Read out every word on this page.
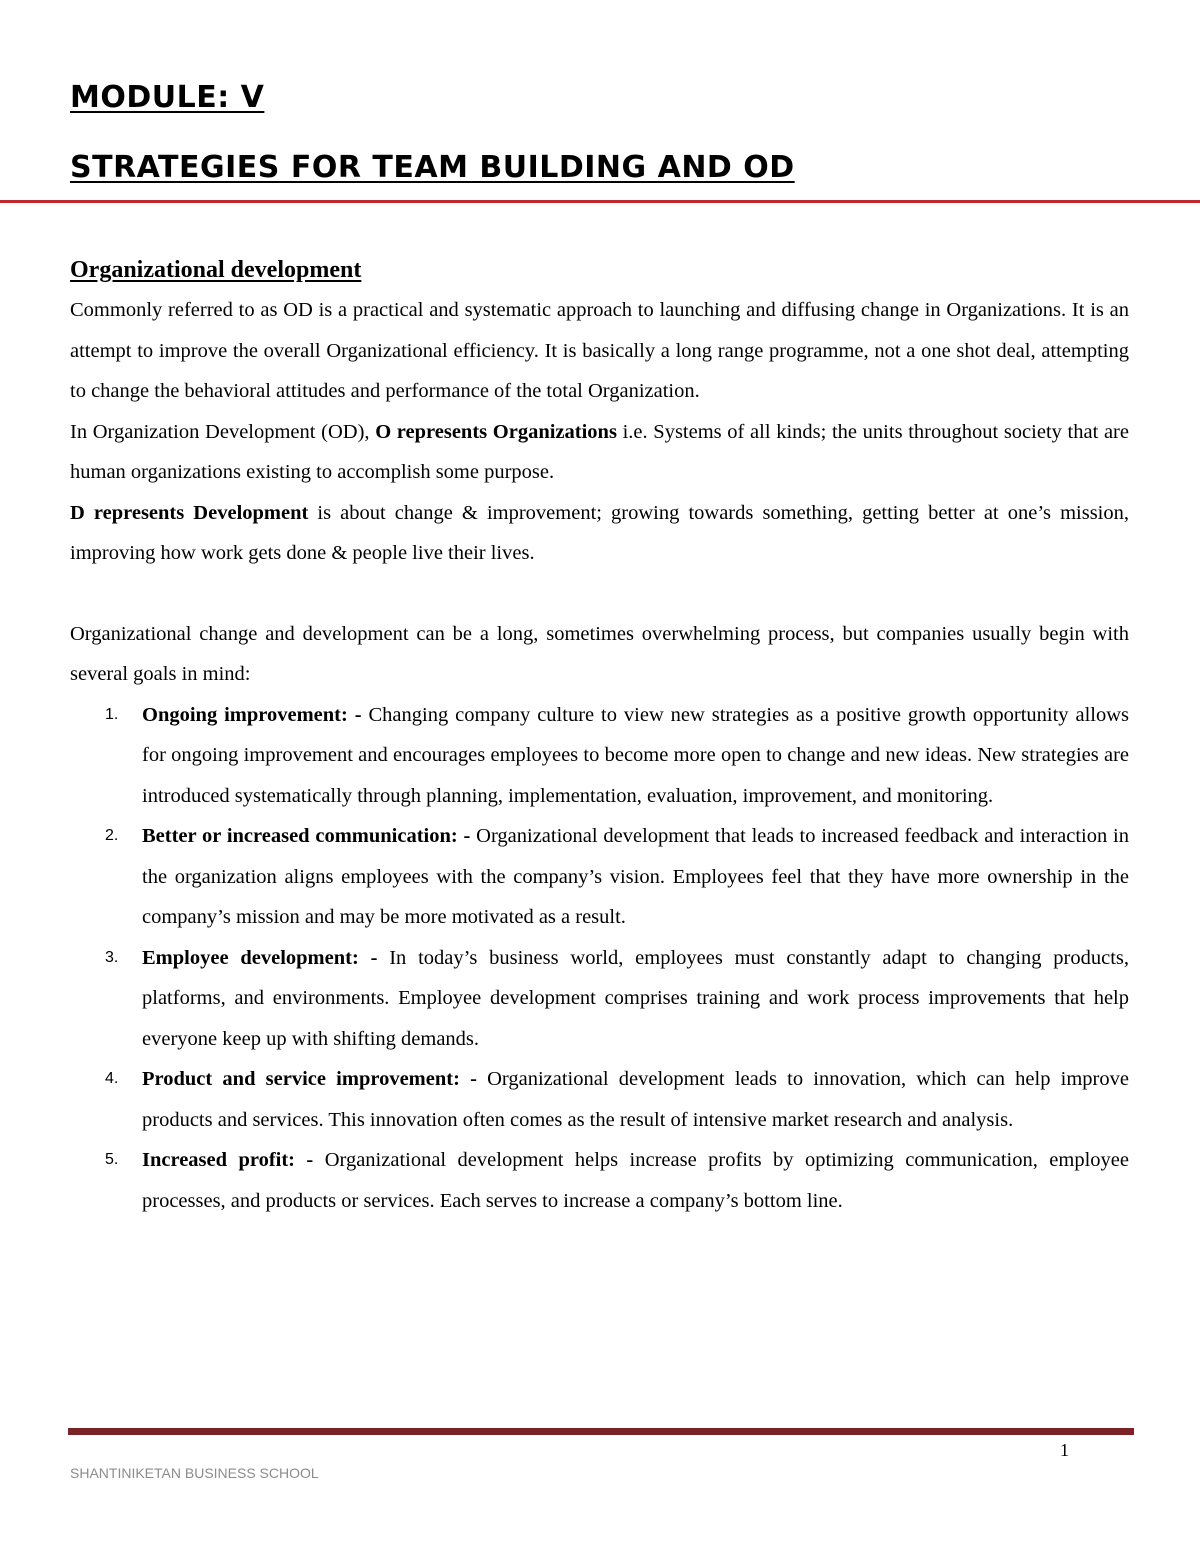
MODULE: V
STRATEGIES FOR TEAM BUILDING AND OD
Organizational development

Commonly referred to as OD is a practical and systematic approach to launching and diffusing change in Organizations. It is an attempt to improve the overall Organizational efficiency. It is basically a long range programme, not a one shot deal, attempting to change the behavioral attitudes and performance of the total Organization.

In Organization Development (OD), O represents Organizations i.e. Systems of all kinds; the units throughout society that are human organizations existing to accomplish some purpose.

D represents Development is about change & improvement; growing towards something, getting better at one’s mission, improving how work gets done & people live their lives.

Organizational change and development can be a long, sometimes overwhelming process, but companies usually begin with several goals in mind:

1. Ongoing improvement: - Changing company culture to view new strategies as a positive growth opportunity allows for ongoing improvement and encourages employees to become more open to change and new ideas. New strategies are introduced systematically through planning, implementation, evaluation, improvement, and monitoring.
2. Better or increased communication: - Organizational development that leads to increased feedback and interaction in the organization aligns employees with the company’s vision. Employees feel that they have more ownership in the company’s mission and may be more motivated as a result.
3. Employee development: - In today’s business world, employees must constantly adapt to changing products, platforms, and environments. Employee development comprises training and work process improvements that help everyone keep up with shifting demands.
4. Product and service improvement: - Organizational development leads to innovation, which can help improve products and services. This innovation often comes as the result of intensive market research and analysis.
5. Increased profit: - Organizational development helps increase profits by optimizing communication, employee processes, and products or services. Each serves to increase a company’s bottom line.
1
SHANTINIKETAN BUSINESS SCHOOL
